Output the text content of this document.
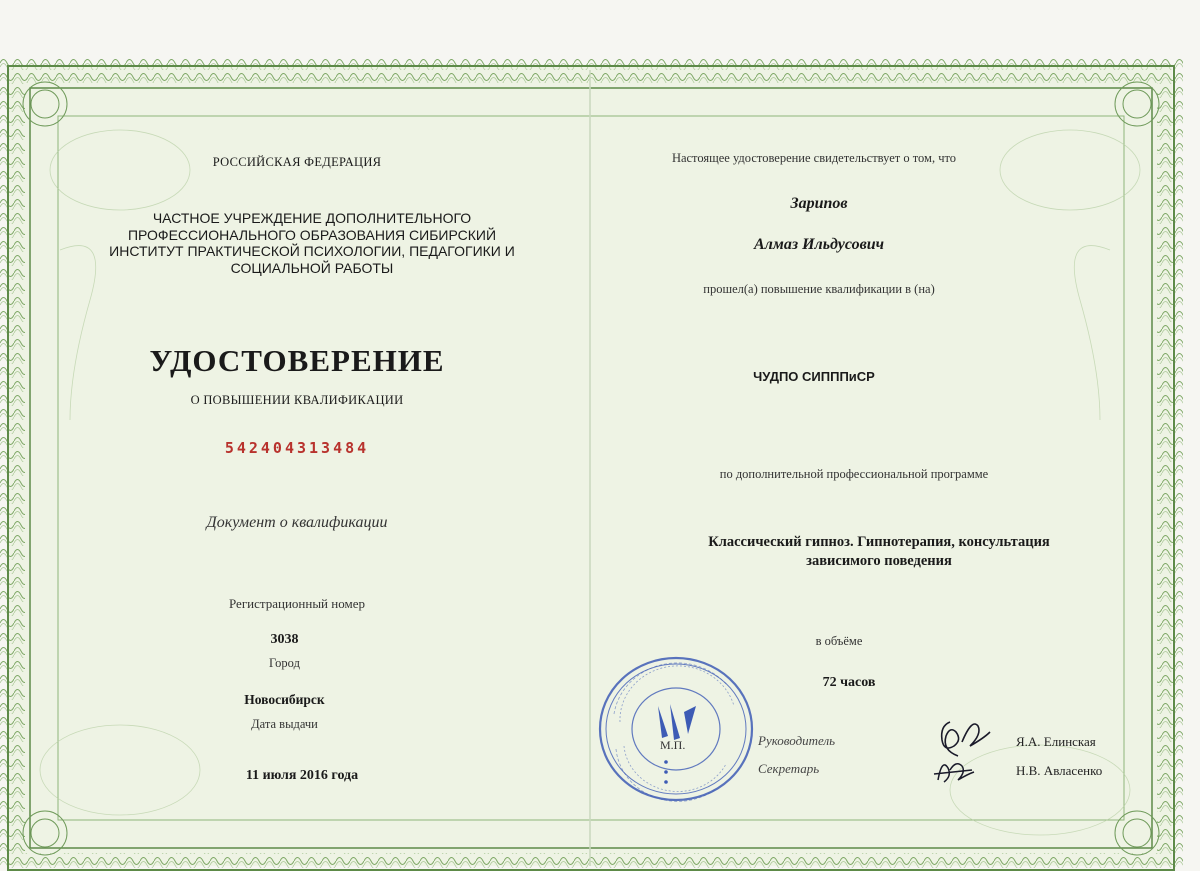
РОССИЙСКАЯ ФЕДЕРАЦИЯ
ЧАСТНОЕ УЧРЕЖДЕНИЕ ДОПОЛНИТЕЛЬНОГО
ПРОФЕССИОНАЛЬНОГО ОБРАЗОВАНИЯ СИБИРСКИЙ
ИНСТИТУТ ПРАКТИЧЕСКОЙ ПСИХОЛОГИИ, ПЕДАГОГИКИ И
СОЦИАЛЬНОЙ РАБОТЫ
УДОСТОВЕРЕНИЕ
О ПОВЫШЕНИИ КВАЛИФИКАЦИИ
542404313484
Документ о квалификации
Регистрационный номер
3038
Город
Новосибирск
Дата выдачи
11 июля 2016 года
Настоящее удостоверение свидетельствует о том, что
Зарипов
Алмаз Ильдусович
прошел(а) повышение квалификации в (на)
ЧУДПО СИПППиСР
по дополнительной профессиональной программе
Классический гипноз. Гипнотерапия, консультация
зависимого поведения
в объёме
72 часов
М.П.	Руководитель	Я.А. Елинская
Секретарь	Н.В. Авласенко
